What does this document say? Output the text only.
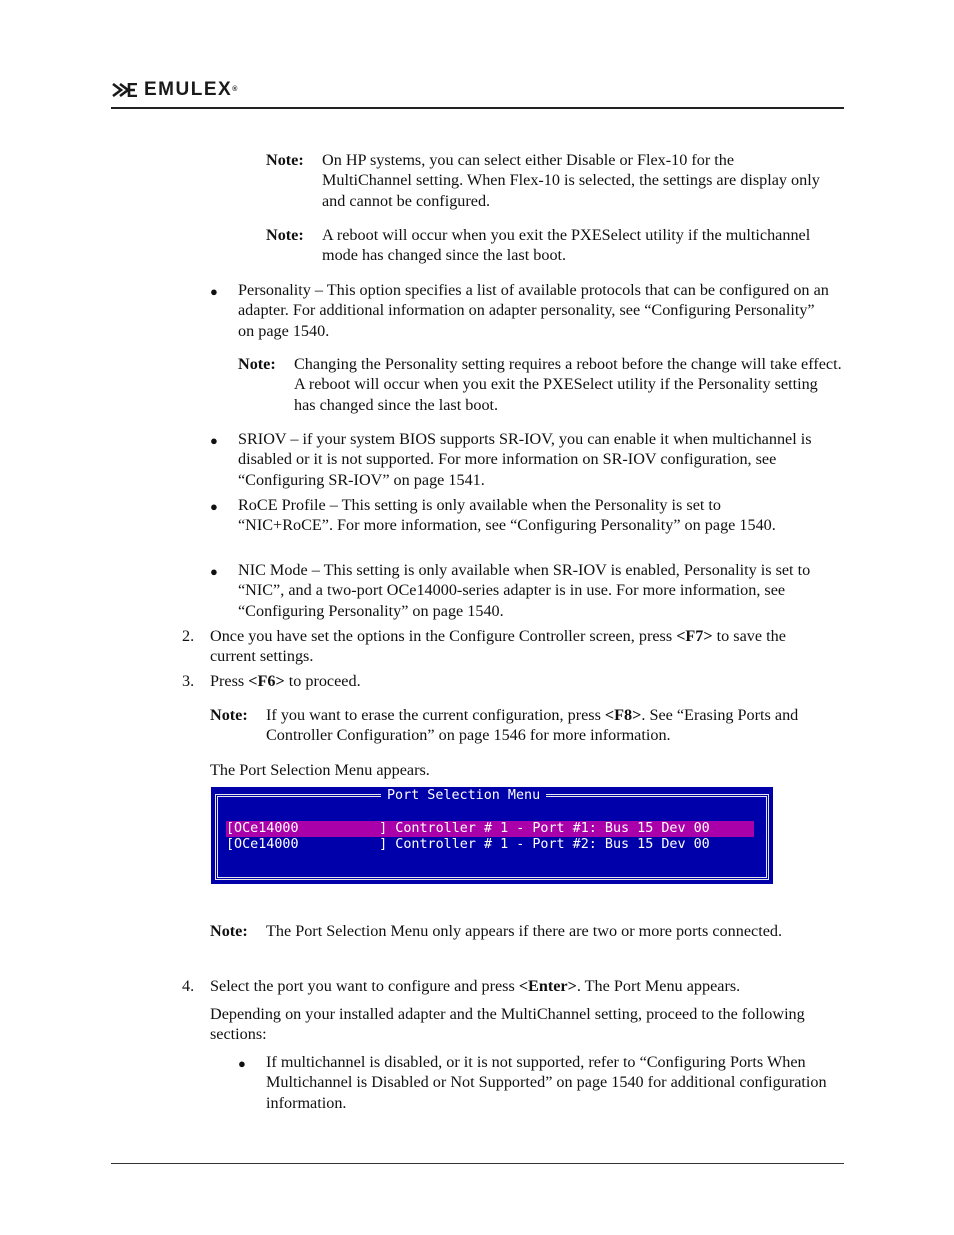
EMULEX®
Note:	On HP systems, you can select either Disable or Flex-10 for the MultiChannel setting. When Flex-10 is selected, the settings are display only and cannot be configured.
Note:	A reboot will occur when you exit the PXESelect utility if the multichannel mode has changed since the last boot.
● Personality – This option specifies a list of available protocols that can be configured on an adapter. For additional information on adapter personality, see “Configuring Personality” on page 1540.
Note:	Changing the Personality setting requires a reboot before the change will take effect. A reboot will occur when you exit the PXESelect utility if the Personality setting has changed since the last boot.
● SRIOV – if your system BIOS supports SR-IOV, you can enable it when multichannel is disabled or it is not supported. For more information on SR-IOV configuration, see “Configuring SR-IOV” on page 1541.
● RoCE Profile – This setting is only available when the Personality is set to “NIC+RoCE”. For more information, see “Configuring Personality” on page 1540.
● NIC Mode – This setting is only available when SR-IOV is enabled, Personality is set to “NIC”, and a two-port OCe14000-series adapter is in use. For more information, see “Configuring Personality” on page 1540.
2. Once you have set the options in the Configure Controller screen, press <F7> to save the current settings.
3. Press <F6> to proceed.
Note:	If you want to erase the current configuration, press <F8>. See “Erasing Ports and Controller Configuration” on page 1546 for more information.
The Port Selection Menu appears.
Port Selection Menu
[OCe14000          ] Controller # 1 - Port #1: Bus 15 Dev 00
[OCe14000          ] Controller # 1 - Port #2: Bus 15 Dev 00
Note:	The Port Selection Menu only appears if there are two or more ports connected.
4. Select the port you want to configure and press <Enter>. The Port Menu appears.
Depending on your installed adapter and the MultiChannel setting, proceed to the following sections:
● If multichannel is disabled, or it is not supported, refer to “Configuring Ports When Multichannel is Disabled or Not Supported” on page 1540 for additional configuration information.
